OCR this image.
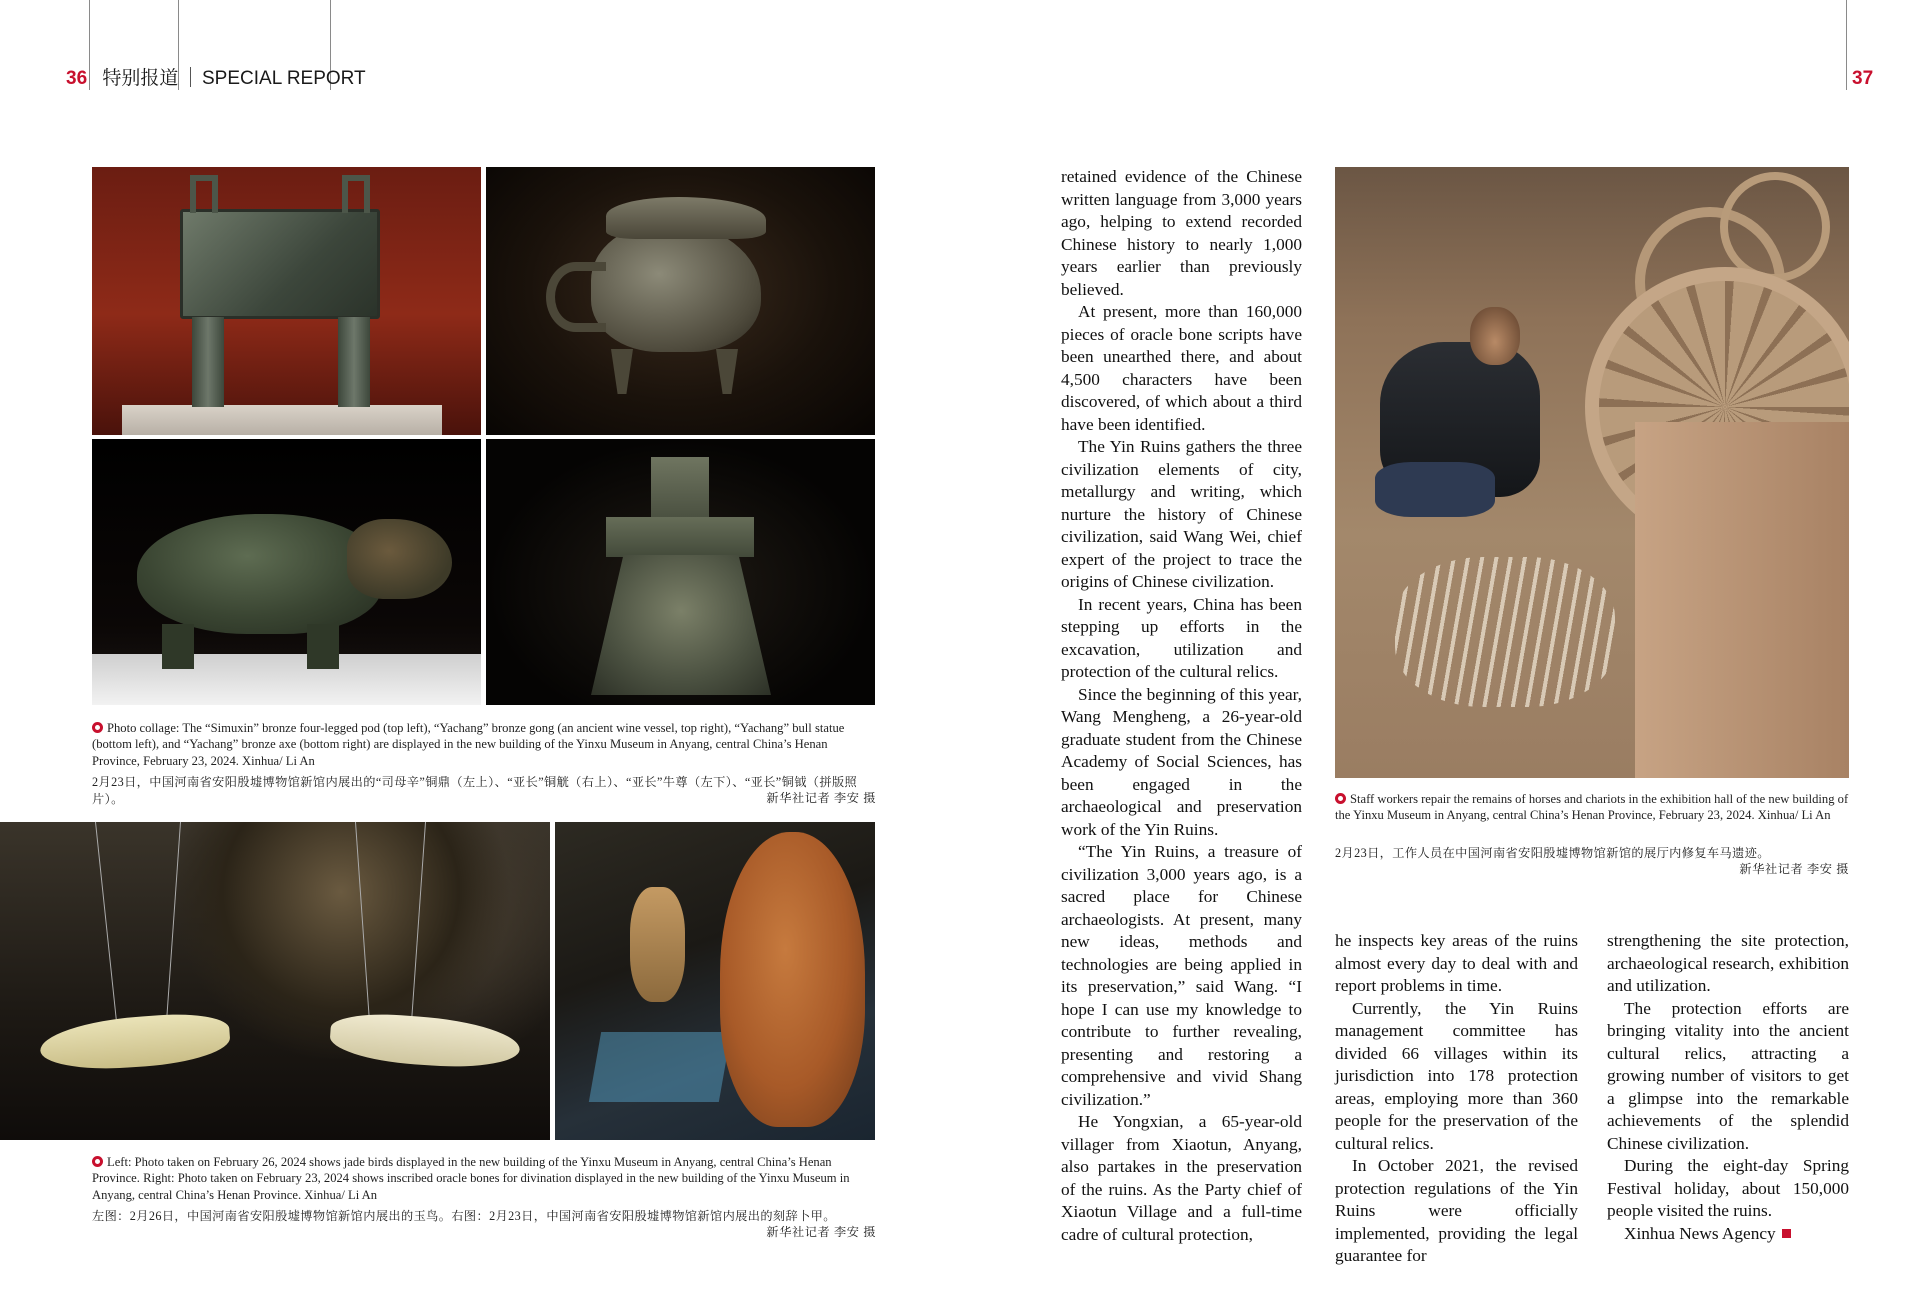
36 特别报道 SPECIAL REPORT	37
Photo collage: The “Simuxin” bronze four-legged pod (top left), “Yachang” bronze gong (an ancient wine vessel, top right), “Yachang” bull statue (bottom left), and “Yachang” bronze axe (bottom right) are displayed in the new building of the Yinxu Museum in Anyang, central China’s Henan Province, February 23, 2024. Xinhua/ Li An
2月23日，中国河南省安阳殷墟博物馆新馆内展出的“司母辛”铜鼎（左上）、“亚长”铜觥（右上）、“亚长”牛尊（左下）、“亚长”铜钺（拼版照片）。	新华社记者 李安 摄
Left: Photo taken on February 26, 2024 shows jade birds displayed in the new building of the Yinxu Museum in Anyang, central China’s Henan Province. Right: Photo taken on February 23, 2024 shows inscribed oracle bones for divination displayed in the new building of the Yinxu Museum in Anyang, central China’s Henan Province. Xinhua/ Li An
左图：2月26日，中国河南省安阳殷墟博物馆新馆内展出的玉鸟。右图：2月23日，中国河南省安阳殷墟博物馆新馆内展出的刻辞卜甲。
新华社记者 李安 摄

retained evidence of the Chinese written language from 3,000 years ago, helping to extend recorded Chinese history to nearly 1,000 years earlier than previously believed.

At present, more than 160,000 pieces of oracle bone scripts have been unearthed there, and about 4,500 characters have been discovered, of which about a third have been identified.

The Yin Ruins gathers the three civilization elements of city, metallurgy and writing, which nurture the history of Chinese civilization, said Wang Wei, chief expert of the project to trace the origins of Chinese civilization.

In recent years, China has been stepping up efforts in the excavation, utilization and protection of the cultural relics.

Since the beginning of this year, Wang Mengheng, a 26-year-old graduate student from the Chinese Academy of Social Sciences, has been engaged in the archaeological and preservation work of the Yin Ruins.

“The Yin Ruins, a treasure of civilization 3,000 years ago, is a sacred place for Chinese archaeologists. At present, many new ideas, methods and technologies are being applied in its preservation,” said Wang. “I hope I can use my knowledge to contribute to further revealing, presenting and restoring a comprehensive and vivid Shang civilization.”

He Yongxian, a 65-year-old villager from Xiaotun, Anyang, also partakes in the preservation of the ruins. As the Party chief of Xiaotun Village and a full-time cadre of cultural protection,

Staff workers repair the remains of horses and chariots in the exhibition hall of the new building of the Yinxu Museum in Anyang, central China’s Henan Province, February 23, 2024. Xinhua/ Li An
2月23日，工作人员在中国河南省安阳殷墟博物馆新馆的展厅内修复车马遗迹。
新华社记者 李安 摄

he inspects key areas of the ruins almost every day to deal with and report problems in time.

Currently, the Yin Ruins management committee has divided 66 villages within its jurisdiction into 178 protection areas, employing more than 360 people for the preservation of the cultural relics.

In October 2021, the revised protection regulations of the Yin Ruins were officially implemented, providing the legal guarantee for

strengthening the site protection, archaeological research, exhibition and utilization.

The protection efforts are bringing vitality into the ancient cultural relics, attracting a growing number of visitors to get a glimpse into the remarkable achievements of the splendid Chinese civilization.

During the eight-day Spring Festival holiday, about 150,000 people visited the ruins.

Xinhua News Agency
